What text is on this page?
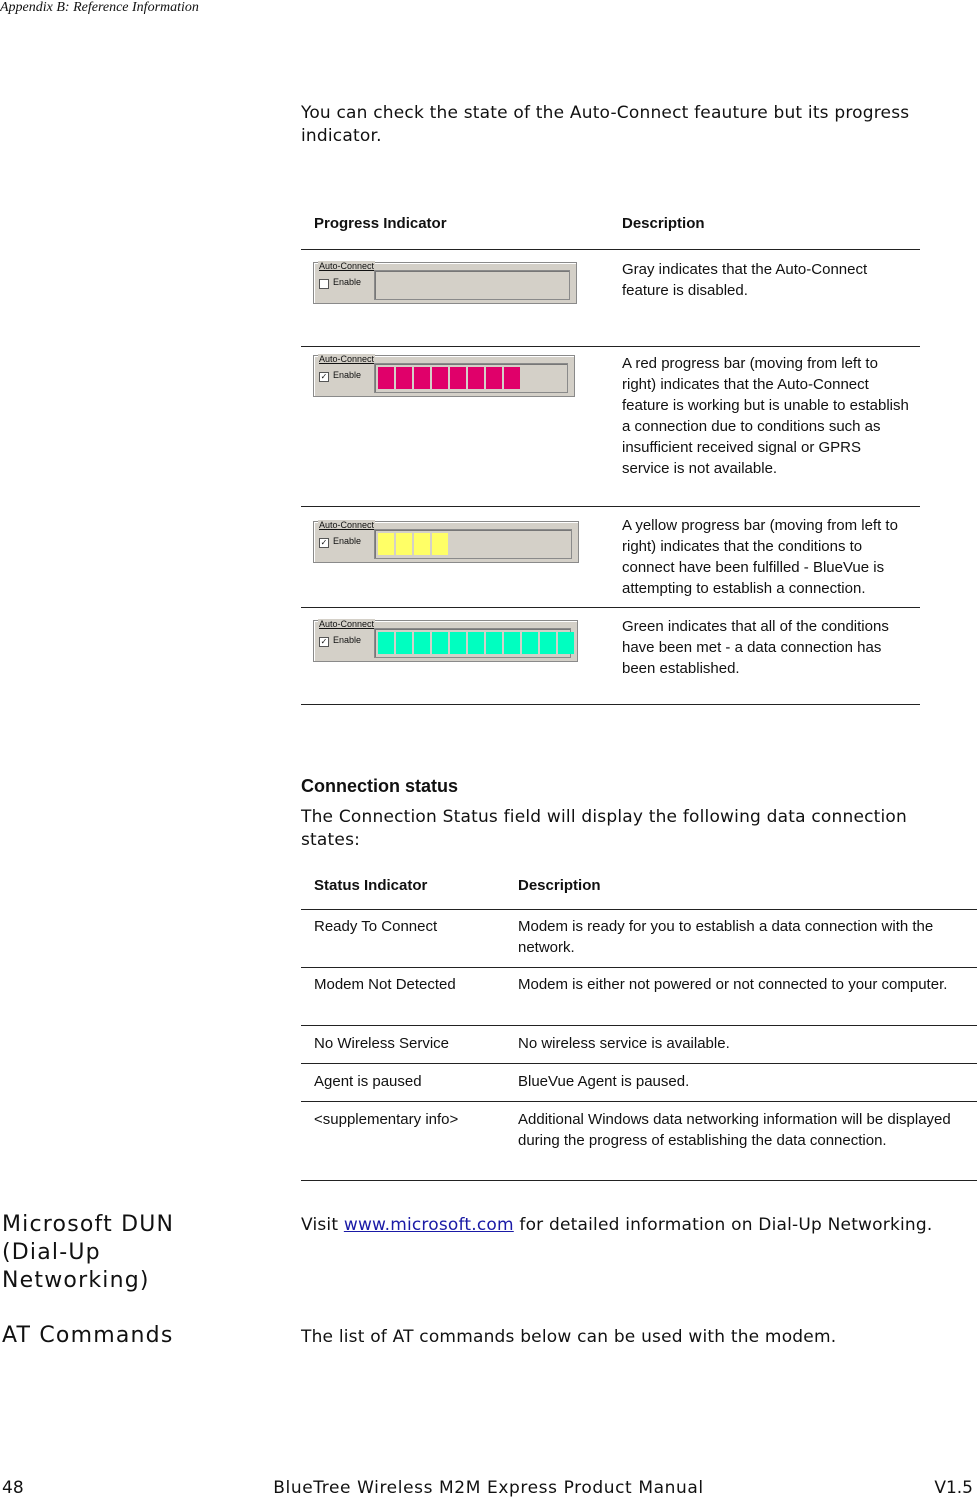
Appendix B: Reference Information
You can check the state of the Auto-Connect feauture but its progress indicator.
Progress Indicator	Description
Auto-Connect
Enable
Gray indicates that the Auto-Connect feature is disabled.
Auto-Connect
✓ Enable
A red progress bar (moving from left to right) indicates that the Auto-Connect feature is working but is unable to establish a connection due to conditions such as insufficient received signal or GPRS service is not available.
Auto-Connect
✓ Enable
A yellow progress bar (moving from left to right) indicates that the conditions to connect have been fulfilled - BlueVue is attempting to establish a connection.
Auto-Connect
✓ Enable
Green indicates that all of the conditions have been met - a data connection has been established.
Connection status
The Connection Status field will display the following data connection states:
Status Indicator	Description
Ready To Connect	Modem is ready for you to establish a data connection with the network.
Modem Not Detected	Modem is either not powered or not connected to your computer.
No Wireless Service	No wireless service is available.
Agent is paused	BlueVue Agent is paused.
<supplementary info>	Additional Windows data networking information will be displayed during the progress of establishing the data connection.
Microsoft DUN (Dial-Up Networking)
Visit www.microsoft.com for detailed information on Dial-Up Networking.
AT Commands	The list of AT commands below can be used with the modem.
BlueTree Wireless M2M Express Product Manual
48	V1.5
